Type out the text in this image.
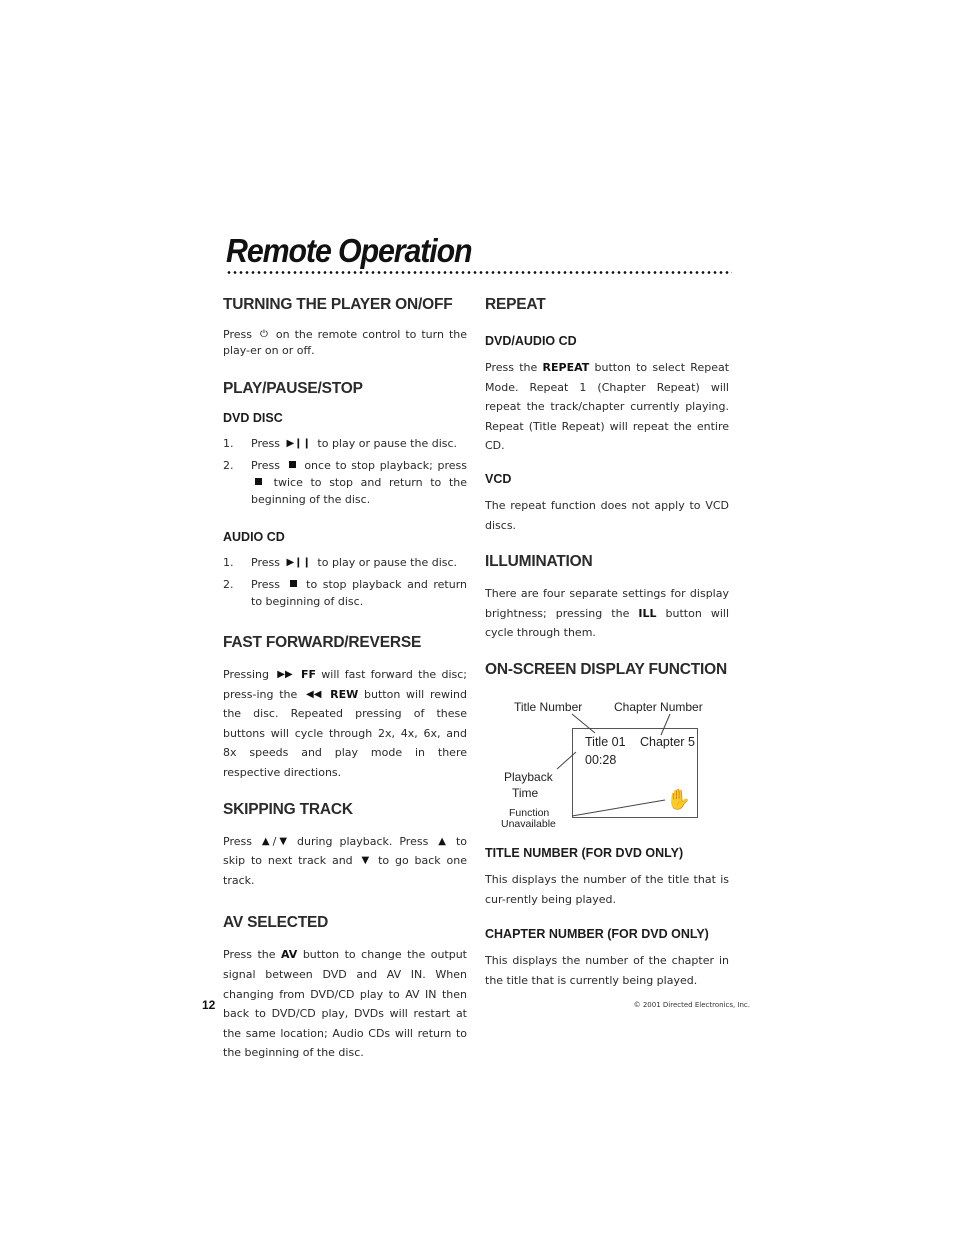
Remote Operation
TURNING THE PLAYER ON/OFF

Press ⏻ on the remote control to turn the play-er on or off.

PLAY/PAUSE/STOP
DVD DISC
1. Press ▶❙❙ to play or pause the disc.
2. Press once to stop playback; press  twice to stop and return to the beginning of the disc.
AUDIO CD
1. Press ▶❙❙ to play or pause the disc.
2. Press to stop playback and return to beginning of disc.
FAST FORWARD/REVERSE

Pressing ▶▶ FF will fast forward the disc; press-ing the ◀◀ REW button will rewind the disc. Repeated pressing of these buttons will cycle through 2x, 4x, 6x, and 8x speeds and play mode in there respective directions.

SKIPPING TRACK

Press ▲ / ▼ during playback. Press ▲ to skip to next track and ▼ to go back one track.

AV SELECTED

Press the AV button to change the output signal between DVD and AV IN. When changing from DVD/CD play to AV IN then back to DVD/CD play, DVDs will restart at the same location; Audio CDs will return to the beginning of the disc.

REPEAT
DVD/AUDIO CD

Press the REPEAT button to select Repeat Mode. Repeat 1 (Chapter Repeat) will repeat the track/chapter currently playing. Repeat (Title Repeat) will repeat the entire CD.

VCD

The repeat function does not apply to VCD discs.

ILLUMINATION

There are four separate settings for display brightness; pressing the ILL button will cycle through them.

ON-SCREEN DISPLAY FUNCTION
Title Number	Chapter Number
Title 01 Chapter 5
00:28
Playback
Time
Function
Unavailable
✋
TITLE NUMBER (FOR DVD ONLY)

This displays the number of the title that is cur-rently being played.

CHAPTER NUMBER (FOR DVD ONLY)

This displays the number of the chapter in the title that is currently being played.

12	© 2001 Directed Electronics, Inc.
